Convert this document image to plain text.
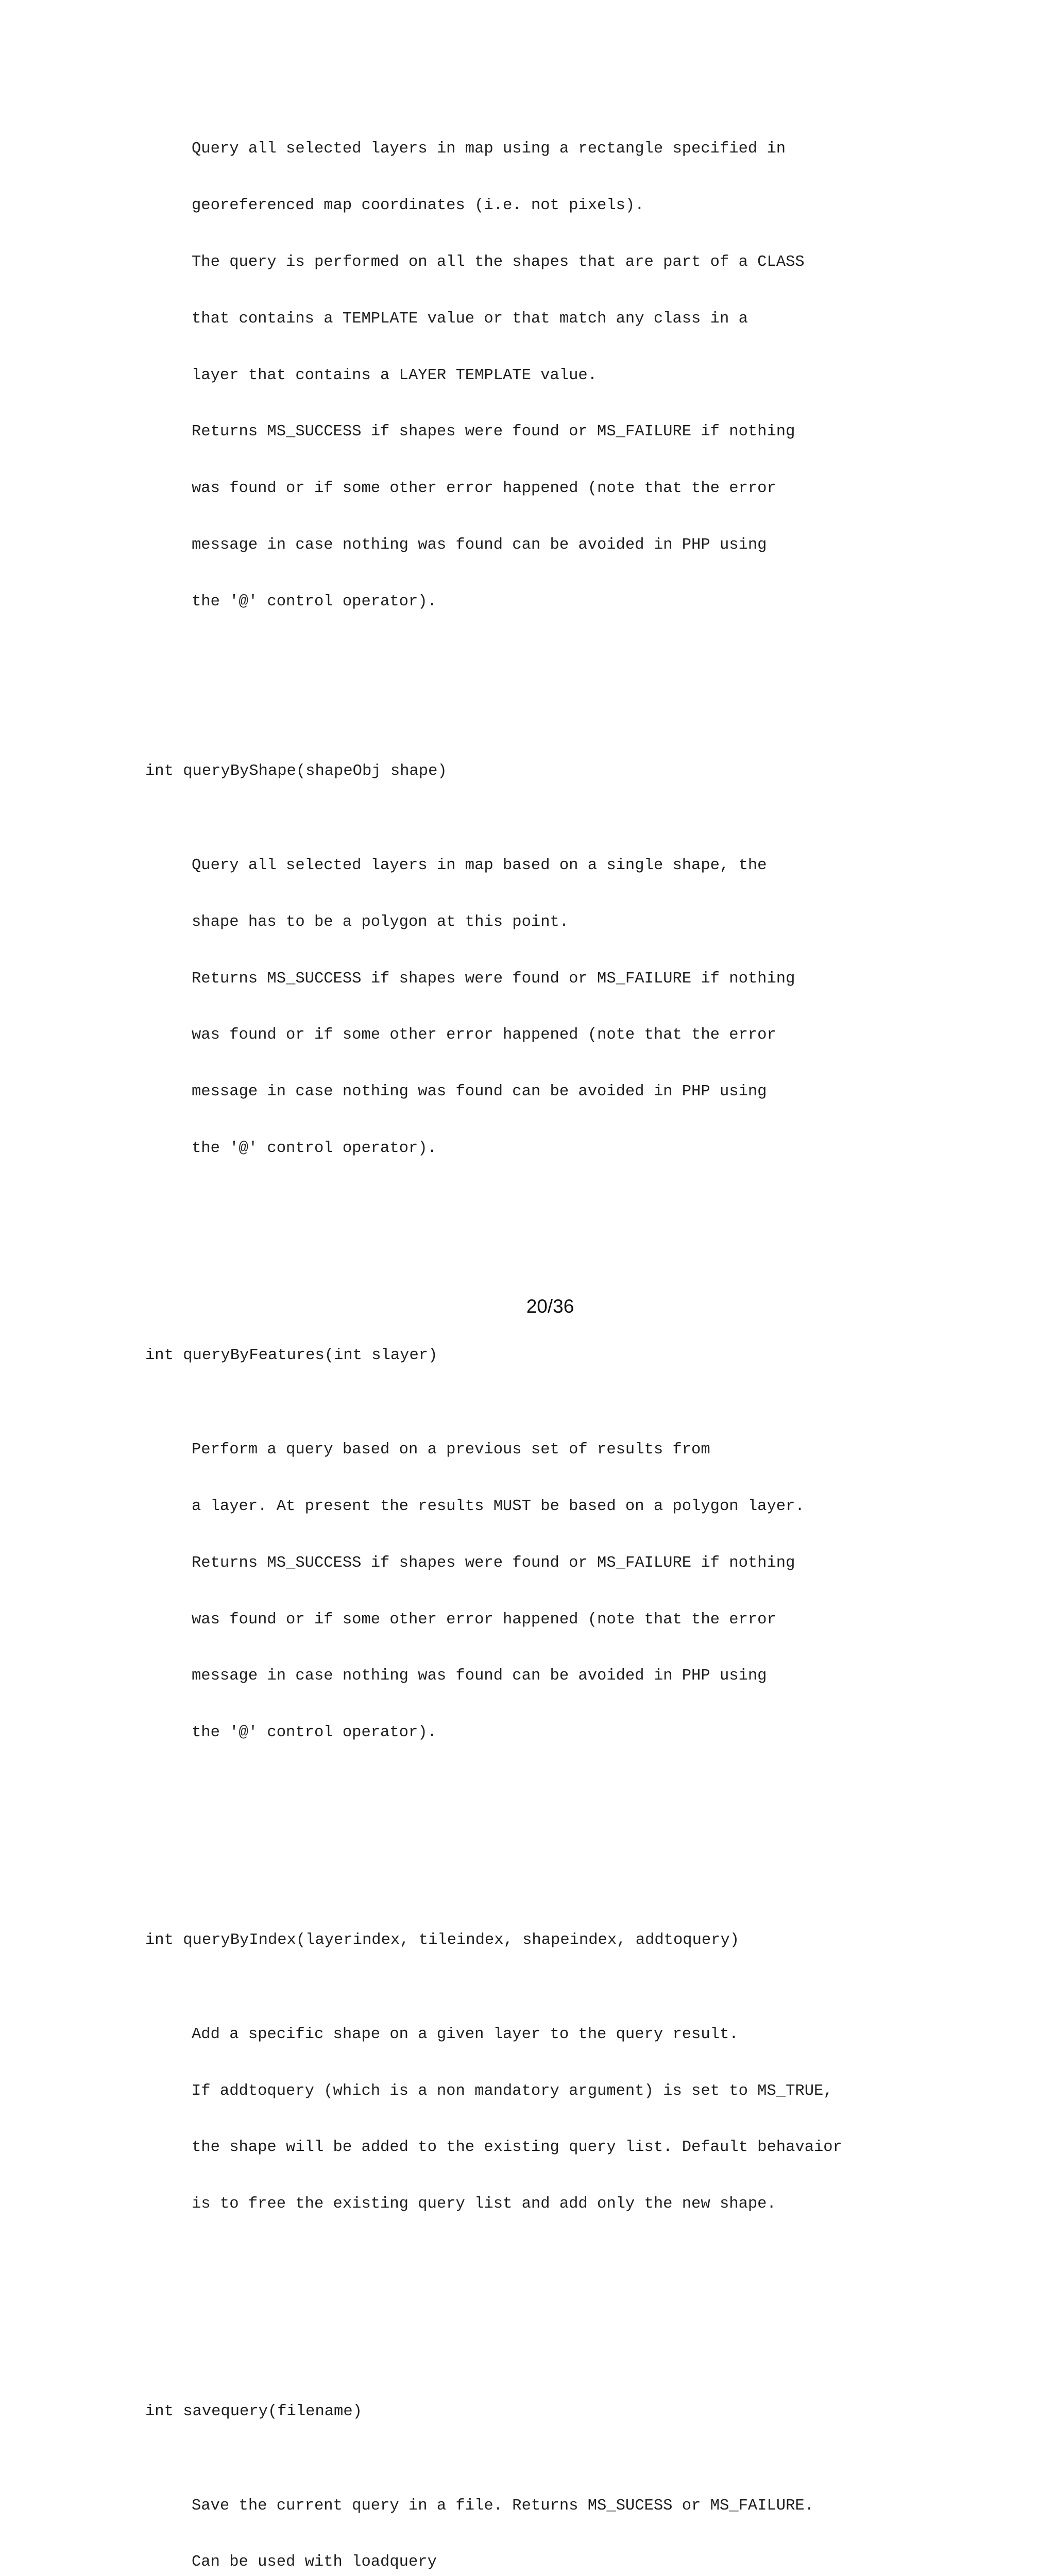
Query all selected layers in map using a rectangle specified in

georeferenced map coordinates (i.e. not pixels).

The query is performed on all the shapes that are part of a CLASS

that contains a TEMPLATE value or that match any class in a

layer that contains a LAYER TEMPLATE value.

Returns MS_SUCCESS if shapes were found or MS_FAILURE if nothing

was found or if some other error happened (note that the error

message in case nothing was found can be avoided in PHP using

the '@' control operator).

int queryByShape(shapeObj shape)

Query all selected layers in map based on a single shape, the

shape has to be a polygon at this point.

Returns MS_SUCCESS if shapes were found or MS_FAILURE if nothing

was found or if some other error happened (note that the error

message in case nothing was found can be avoided in PHP using

the '@' control operator).

int queryByFeatures(int slayer)

Perform a query based on a previous set of results from

a layer. At present the results MUST be based on a polygon layer.

Returns MS_SUCCESS if shapes were found or MS_FAILURE if nothing

was found or if some other error happened (note that the error

message in case nothing was found can be avoided in PHP using

the '@' control operator).

int queryByIndex(layerindex, tileindex, shapeindex, addtoquery)

Add a specific shape on a given layer to the query result.

If addtoquery (which is a non mandatory argument) is set to MS_TRUE,

the shape will be added to the existing query list. Default behavaior

is to free the existing query list and add only the new shape.

int savequery(filename)

Save the current query in a file. Returns MS_SUCESS or MS_FAILURE.

Can be used with loadquery

20/36
